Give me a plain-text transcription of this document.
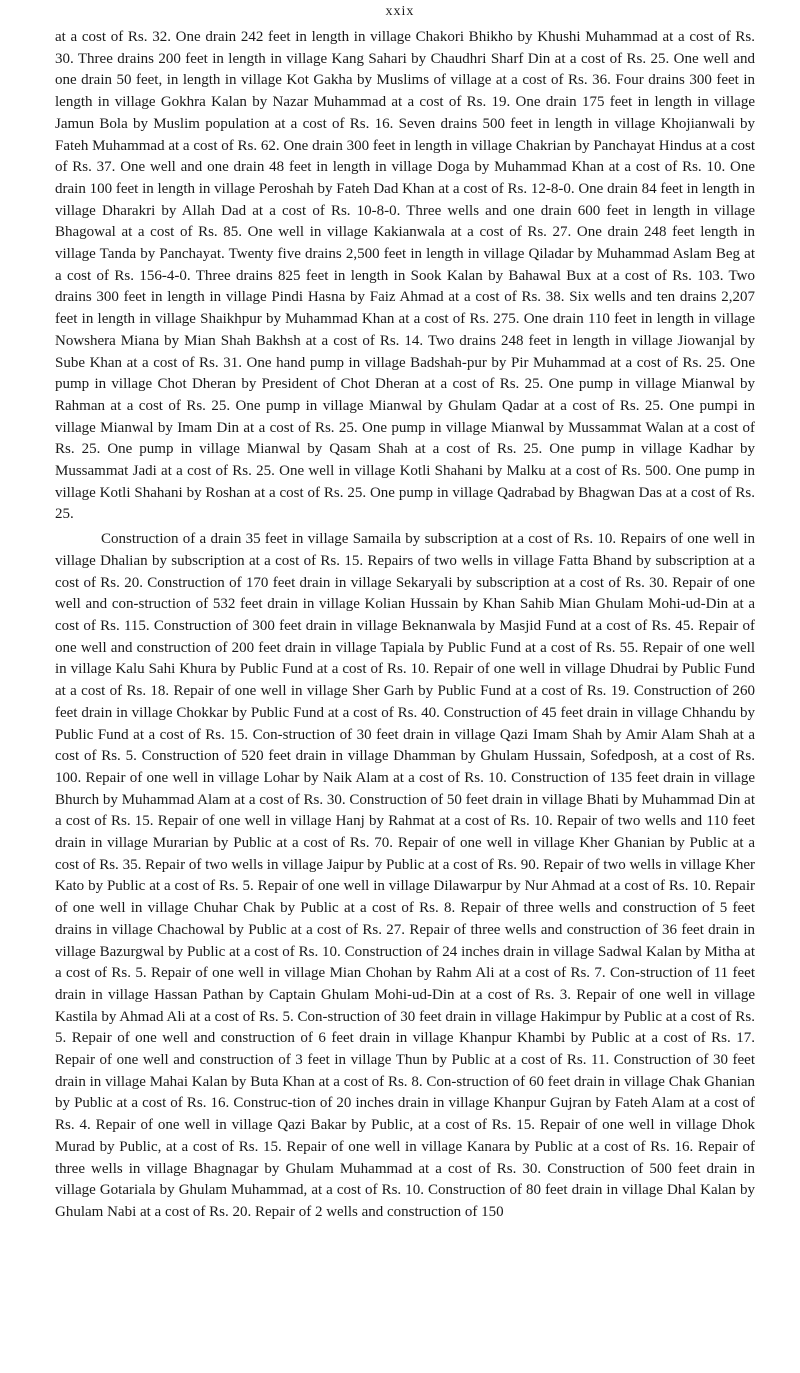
xxix

at a cost of Rs. 32. One drain 242 feet in length in village Chakori Bhikho by Khushi Muhammad at a cost of Rs. 30. Three drains 200 feet in length in village Kang Sahari by Chaudhri Sharf Din at a cost of Rs. 25. One well and one drain 50 feet, in length in village Kot Gakha by Muslims of village at a cost of Rs. 36. Four drains 300 feet in length in village Gokhra Kalan by Nazar Muhammad at a cost of Rs. 19. One drain 175 feet in length in village Jamun Bola by Muslim population at a cost of Rs. 16. Seven drains 500 feet in length in village Khojianwali by Fateh Muhammad at a cost of Rs. 62. One drain 300 feet in length in village Chakrian by Panchayat Hindus at a cost of Rs. 37. One well and one drain 48 feet in length in village Doga by Muhammad Khan at a cost of Rs. 10. One drain 100 feet in length in village Peroshah by Fateh Dad Khan at a cost of Rs. 12-8-0. One drain 84 feet in length in village Dharakri by Allah Dad at a cost of Rs. 10-8-0. Three wells and one drain 600 feet in length in village Bhagowal at a cost of Rs. 85. One well in village Kakianwala at a cost of Rs. 27. One drain 248 feet length in village Tanda by Panchayat. Twenty five drains 2,500 feet in length in village Qiladar by Muhammad Aslam Beg at a cost of Rs. 156-4-0. Three drains 825 feet in length in Sook Kalan by Bahawal Bux at a cost of Rs. 103. Two drains 300 feet in length in village Pindi Hasna by Faiz Ahmad at a cost of Rs. 38. Six wells and ten drains 2,207 feet in length in village Shaikhpur by Muhammad Khan at a cost of Rs. 275. One drain 110 feet in length in village Nowshera Miana by Mian Shah Bakhsh at a cost of Rs. 14. Two drains 248 feet in length in village Jiowanjal by Sube Khan at a cost of Rs. 31. One hand pump in village Badshah-pur by Pir Muhammad at a cost of Rs. 25. One pump in village Chot Dheran by President of Chot Dheran at a cost of Rs. 25. One pump in village Mianwal by Rahman at a cost of Rs. 25. One pump in village Mianwal by Ghulam Qadar at a cost of Rs. 25. One pumpi in village Mianwal by Imam Din at a cost of Rs. 25. One pump in village Mianwal by Mussammat Walan at a cost of Rs. 25. One pump in village Mianwal by Qasam Shah at a cost of Rs. 25. One pump in village Kadhar by Mussammat Jadi at a cost of Rs. 25. One well in village Kotli Shahani by Malku at a cost of Rs. 500. One pump in village Kotli Shahani by Roshan at a cost of Rs. 25. One pump in village Qadrabad by Bhagwan Das at a cost of Rs. 25.

Construction of a drain 35 feet in village Samaila by subscription at a cost of Rs. 10. Repairs of one well in village Dhalian by subscription at a cost of Rs. 15. Repairs of two wells in village Fatta Bhand by subscription at a cost of Rs. 20. Construction of 170 feet drain in village Sekaryali by subscription at a cost of Rs. 30. Repair of one well and con-struction of 532 feet drain in village Kolian Hussain by Khan Sahib Mian Ghulam Mohi-ud-Din at a cost of Rs. 115. Construction of 300 feet drain in village Beknanwala by Masjid Fund at a cost of Rs. 45. Repair of one well and construction of 200 feet drain in village Tapiala by Public Fund at a cost of Rs. 55. Repair of one well in village Kalu Sahi Khura by Public Fund at a cost of Rs. 10. Repair of one well in village Dhudrai by Public Fund at a cost of Rs. 18. Repair of one well in village Sher Garh by Public Fund at a cost of Rs. 19. Construction of 260 feet drain in village Chokkar by Public Fund at a cost of Rs. 40. Construction of 45 feet drain in village Chhandu by Public Fund at a cost of Rs. 15. Con-struction of 30 feet drain in village Qazi Imam Shah by Amir Alam Shah at a cost of Rs. 5. Construction of 520 feet drain in village Dhamman by Ghulam Hussain, Sofedposh, at a cost of Rs. 100. Repair of one well in village Lohar by Naik Alam at a cost of Rs. 10. Construction of 135 feet drain in village Bhurch by Muhammad Alam at a cost of Rs. 30. Construction of 50 feet drain in village Bhati by Muhammad Din at a cost of Rs. 15. Repair of one well in village Hanj by Rahmat at a cost of Rs. 10. Repair of two wells and 110 feet drain in village Murarian by Public at a cost of Rs. 70. Repair of one well in village Kher Ghanian by Public at a cost of Rs. 35. Repair of two wells in village Jaipur by Public at a cost of Rs. 90. Repair of two wells in village Kher Kato by Public at a cost of Rs. 5. Repair of one well in village Dilawarpur by Nur Ahmad at a cost of Rs. 10. Repair of one well in village Chuhar Chak by Public at a cost of Rs. 8. Repair of three wells and construction of 5 feet drains in village Chachowal by Public at a cost of Rs. 27. Repair of three wells and construction of 36 feet drain in village Bazurgwal by Public at a cost of Rs. 10. Construction of 24 inches drain in village Sadwal Kalan by Mitha at a cost of Rs. 5. Repair of one well in village Mian Chohan by Rahm Ali at a cost of Rs. 7. Con-struction of 11 feet drain in village Hassan Pathan by Captain Ghulam Mohi-ud-Din at a cost of Rs. 3. Repair of one well in village Kastila by Ahmad Ali at a cost of Rs. 5. Con-struction of 30 feet drain in village Hakimpur by Public at a cost of Rs. 5. Repair of one well and construction of 6 feet drain in village Khanpur Khambi by Public at a cost of Rs. 17. Repair of one well and construction of 3 feet in village Thun by Public at a cost of Rs. 11. Construction of 30 feet drain in village Mahai Kalan by Buta Khan at a cost of Rs. 8. Con-struction of 60 feet drain in village Chak Ghanian by Public at a cost of Rs. 16. Construc-tion of 20 inches drain in village Khanpur Gujran by Fateh Alam at a cost of Rs. 4. Repair of one well in village Qazi Bakar by Public, at a cost of Rs. 15. Repair of one well in village Dhok Murad by Public, at a cost of Rs. 15. Repair of one well in village Kanara by Public at a cost of Rs. 16. Repair of three wells in village Bhagnagar by Ghulam Muhammad at a cost of Rs. 30. Construction of 500 feet drain in village Gotariala by Ghulam Muhammad, at a cost of Rs. 10. Construction of 80 feet drain in village Dhal Kalan by Ghulam Nabi at a cost of Rs. 20. Repair of 2 wells and construction of 150
